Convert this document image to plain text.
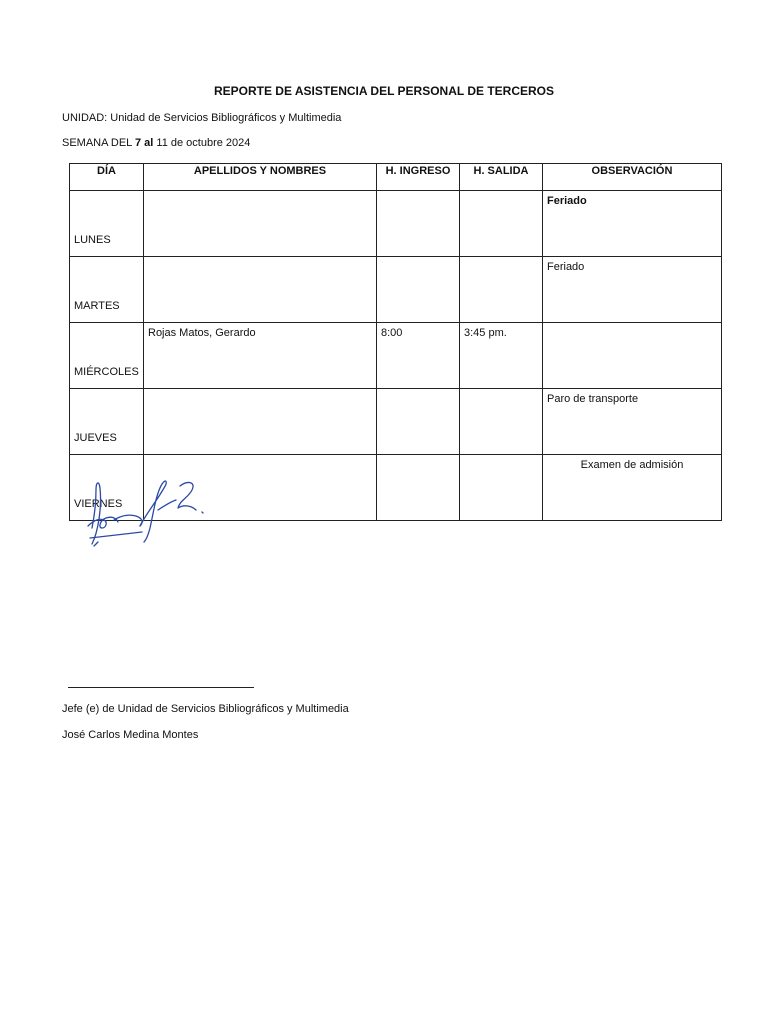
REPORTE DE ASISTENCIA DEL PERSONAL DE TERCEROS
UNIDAD: Unidad de Servicios Bibliográficos y Multimedia
SEMANA DEL 7 al 11 de octubre 2024
DÍA	APELLIDOS Y NOMBRES	H. INGRESO	H. SALIDA	OBSERVACIÓN
LUNES				Feriado
MARTES				Feriado
MIÉRCOLES	Rojas Matos, Gerardo	8:00	3:45 pm.	
JUEVES				Paro de transporte
VIERNES				Examen de admisión
Jefe (e) de Unidad de Servicios Bibliográficos y Multimedia
José Carlos Medina Montes
